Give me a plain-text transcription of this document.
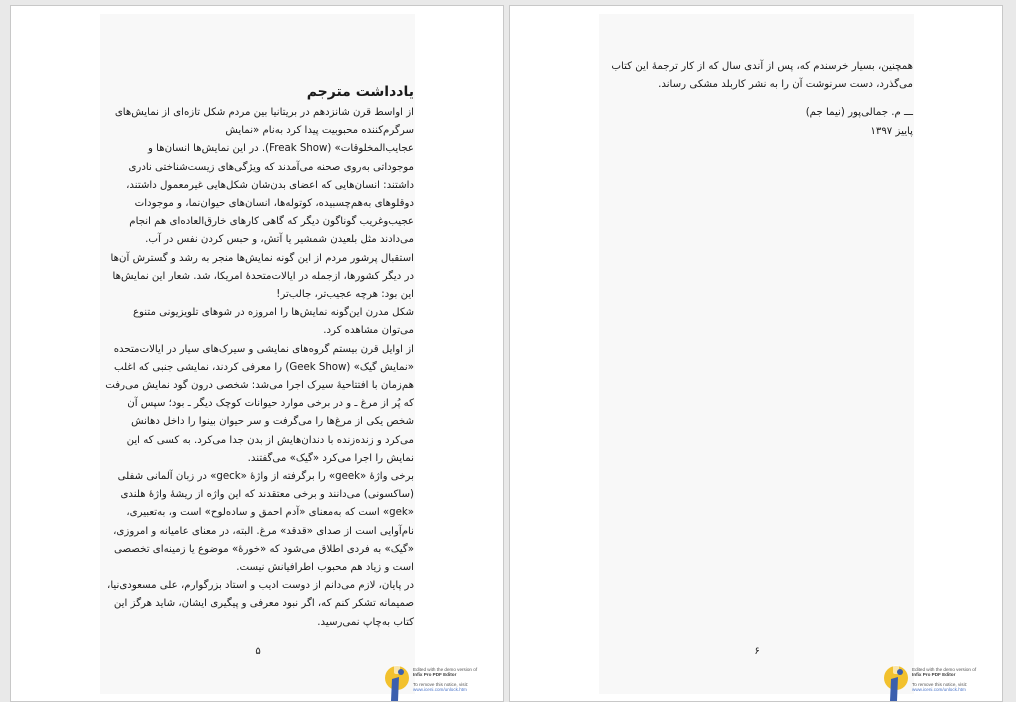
یادداشت مترجم

از اواسط قرن شانزدهم در بریتانیا بین مردم شکل تازه‌ای از نمایش‌های

سرگرم‌کننده محبوبیت پیدا کرد به‌نام «نمایش

عجایب‌المخلوقات» (Freak Show). در این نمایش‌ها انسان‌ها و

موجوداتی به‌روی صحنه می‌آمدند که ویژگی‌های زیست‌شناختی نادری

داشتند: انسان‌هایی که اعضای بدن‌شان شکل‌هایی غیرمعمول داشتند،

دوقلوهای به‌هم‌چسبیده، کوتوله‌ها، انسان‌های حیوان‌نما، و موجودات

عجیب‌وغریب گوناگون دیگر که گاهی کارهای خارق‌العاده‌ای هم انجام

می‌دادند مثل بلعیدن شمشیر یا آتش، و حبس کردن نفس در آب.

استقبال پرشور مردم از این گونه نمایش‌ها منجر به رشد و گسترش آن‌ها

در دیگر کشورها، ازجمله در ایالات‌متحدهٔ امریکا، شد. شعار این نمایش‌ها

این بود: هرچه عجیب‌تر، جالب‌تر!

شکل مدرن این‌گونه نمایش‌ها را امروزه در شوهای تلویزیونی متنوع

می‌توان مشاهده کرد.

از اوایل قرن بیستم گروه‌های نمایشی و سیرک‌های سیار در ایالات‌متحده

«نمایش گیک» (Geek Show) را معرفی کردند، نمایشی جنبی که اغلب

هم‌زمان با افتتاحیهٔ سیرک اجرا می‌شد: شخصی درون گود نمایش می‌رفت

که پُر از مرغ ـ و در برخی موارد حیوانات کوچک دیگر ـ بود؛ سپس آن

شخص یکی از مرغ‌ها را می‌گرفت و سر حیوان بینوا را داخل دهانش

می‌کرد و زنده‌زنده با دندان‌هایش از بدن جدا می‌کرد. به کسی که این

نمایش را اجرا می‌کرد «گیک» می‌گفتند.

برخی واژهٔ «geek» را برگرفته از واژهٔ «geck» در زبان آلمانی شفلی

(ساکسونی) می‌دانند و برخی معتقدند که این واژه از ریشهٔ واژهٔ هلندی

«gek» است که به‌معنای «آدم احمق و ساده‌لوح» است و، به‌تعبیری،

نام‌آوایی است از صدای «قدقد» مرغ. البته، در معنای عامیانه و امروزی،

«گیک» به فردی اطلاق می‌شود که «خورهٔ» موضوع یا زمینه‌ای تخصصی

است و زیاد هم محبوب اطرافیانش نیست.

در پایان، لازم می‌دانم از دوست ادیب و استاد بزرگوارم، علی مسعودی‌نیا،

صمیمانه تشکر کنم که، اگر نبود معرفی و پیگیری ایشان، شاید هرگز این

کتاب به‌چاپ نمی‌رسید.

۵
Edited with the demo version of
Infix Pro PDF Editor
To remove this notice, visit:
www.iceni.com/unlock.htm

همچنین، بسیار خرسندم که، پس از آندی سال که از کار ترجمهٔ این کتاب

می‌گذرد، دست سرنوشت آن را به نشر کاربلد مشکی رساند.

ـــ م. جمالی‌پور (نیما جم)

پاییز ۱۳۹۷

۶
Edited with the demo version of
Infix Pro PDF Editor
To remove this notice, visit:
www.iceni.com/unlock.htm
